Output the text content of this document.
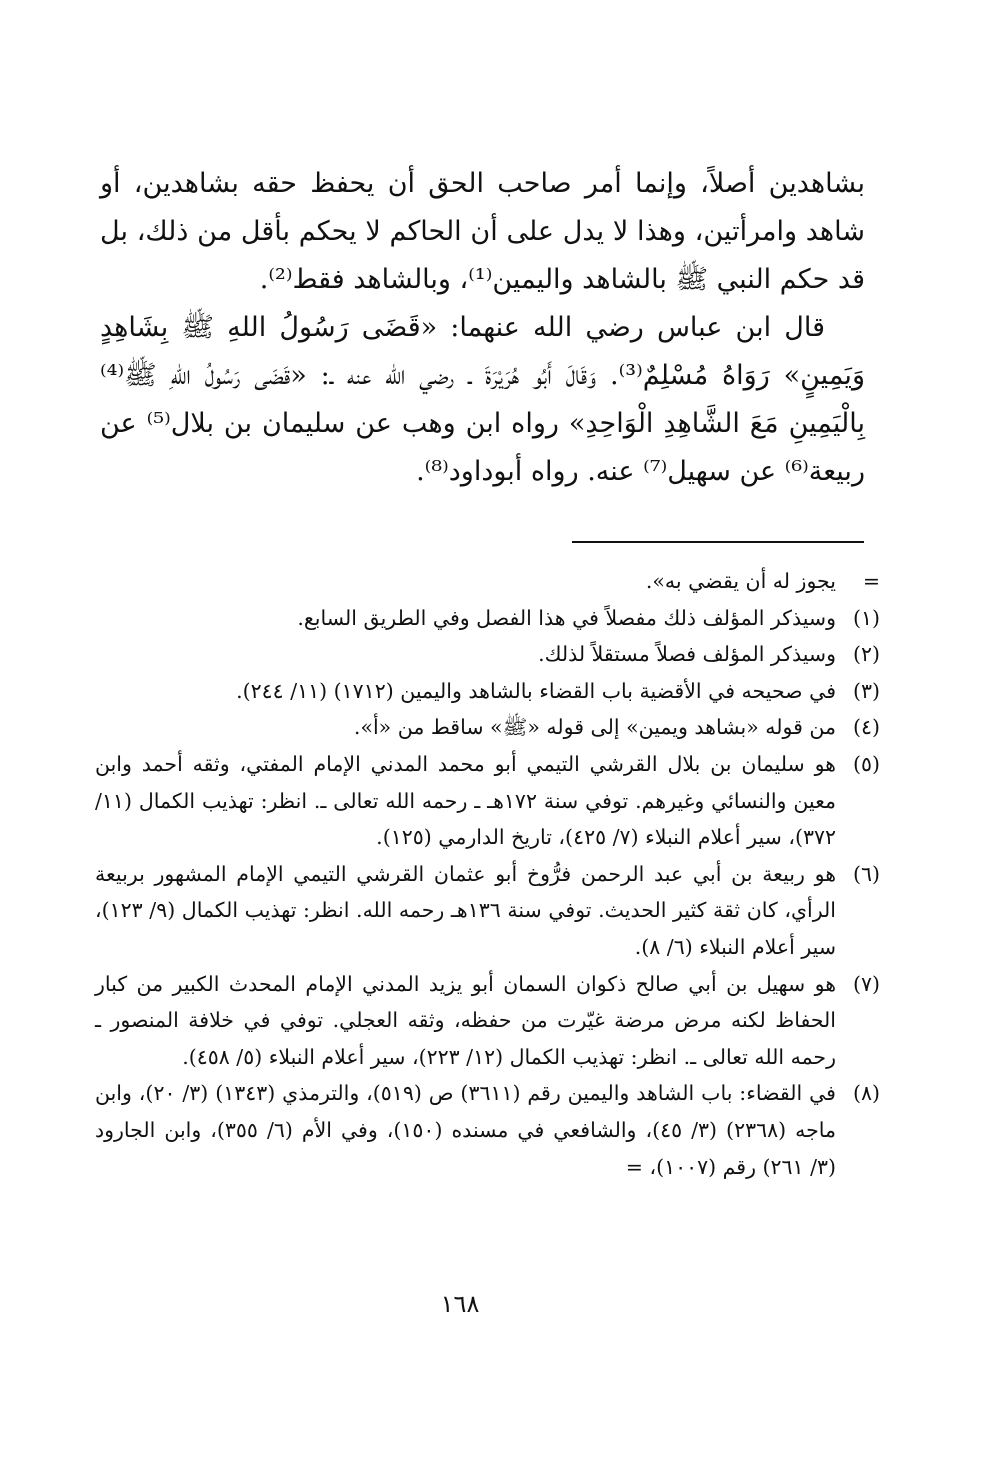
بشاهدين أصلاً، وإنما أمر صاحب الحق أن يحفظ حقه بشاهدين، أو شاهد وامرأتين، وهذا لا يدل على أن الحاكم لا يحكم بأقل من ذلك، بل قد حكم النبي ﷺ بالشاهد واليمين⁽¹⁾، وبالشاهد فقط⁽²⁾.

قال ابن عباس رضي الله عنهما: «قَضَى رَسُولُ اللهِ ﷺ بِشَاهِدٍ وَيَمِينٍ» رَوَاهُ مُسْلِمٌ⁽³⁾. وَقَالَ أَبُو هُرَيْرَةَ ـ رضي الله عنه ـ: «قَضَى رَسُولُ اللهِ ﷺ⁽⁴⁾ بِالْيَمِينِ مَعَ الشَّاهِدِ الْوَاحِدِ» رواه ابن وهب عن سليمان بن بلال⁽⁵⁾ عن ربيعة⁽⁶⁾ عن سهيل⁽⁷⁾ عنه. رواه أبوداود⁽⁸⁾.

=
يجوز له أن يقضي به».
(١)
وسيذكر المؤلف ذلك مفصلاً في هذا الفصل وفي الطريق السابع.
(٢)
وسيذكر المؤلف فصلاً مستقلاً لذلك.
(٣)
في صحيحه في الأقضية باب القضاء بالشاهد واليمين (١٧١٢) (١١/ ٢٤٤).
(٤)
من قوله «بشاهد ويمين» إلى قوله «ﷺ» ساقط من «أ».
(٥)
هو سليمان بن بلال القرشي التيمي أبو محمد المدني الإمام المفتي، وثقه أحمد وابن معين والنسائي وغيرهم. توفي سنة ١٧٢هـ ـ رحمه الله تعالى ـ. انظر: تهذيب الكمال (١١/ ٣٧٢)، سير أعلام النبلاء (٧/ ٤٢٥)، تاريخ الدارمي (١٢٥).
(٦)
هو ربيعة بن أبي عبد الرحمن فرُّوخ أبو عثمان القرشي التيمي الإمام المشهور بربيعة الرأي، كان ثقة كثير الحديث. توفي سنة ١٣٦هـ رحمه الله. انظر: تهذيب الكمال (٩/ ١٢٣)، سير أعلام النبلاء (٦/ ٨).
(٧)
هو سهيل بن أبي صالح ذكوان السمان أبو يزيد المدني الإمام المحدث الكبير من كبار الحفاظ لكنه مرض مرضة غيّرت من حفظه، وثقه العجلي. توفي في خلافة المنصور ـ رحمه الله تعالى ـ. انظر: تهذيب الكمال (١٢/ ٢٢٣)، سير أعلام النبلاء (٥/ ٤٥٨).
(٨)
في القضاء: باب الشاهد واليمين رقم (٣٦١١) ص (٥١٩)، والترمذي (١٣٤٣) (٣/ ٢٠)، وابن ماجه (٢٣٦٨) (٣/ ٤٥)، والشافعي في مسنده (١٥٠)، وفي الأم (٦/ ٣٥٥)، وابن الجارود (٣/ ٢٦١) رقم (١٠٠٧)، =
١٦٨
